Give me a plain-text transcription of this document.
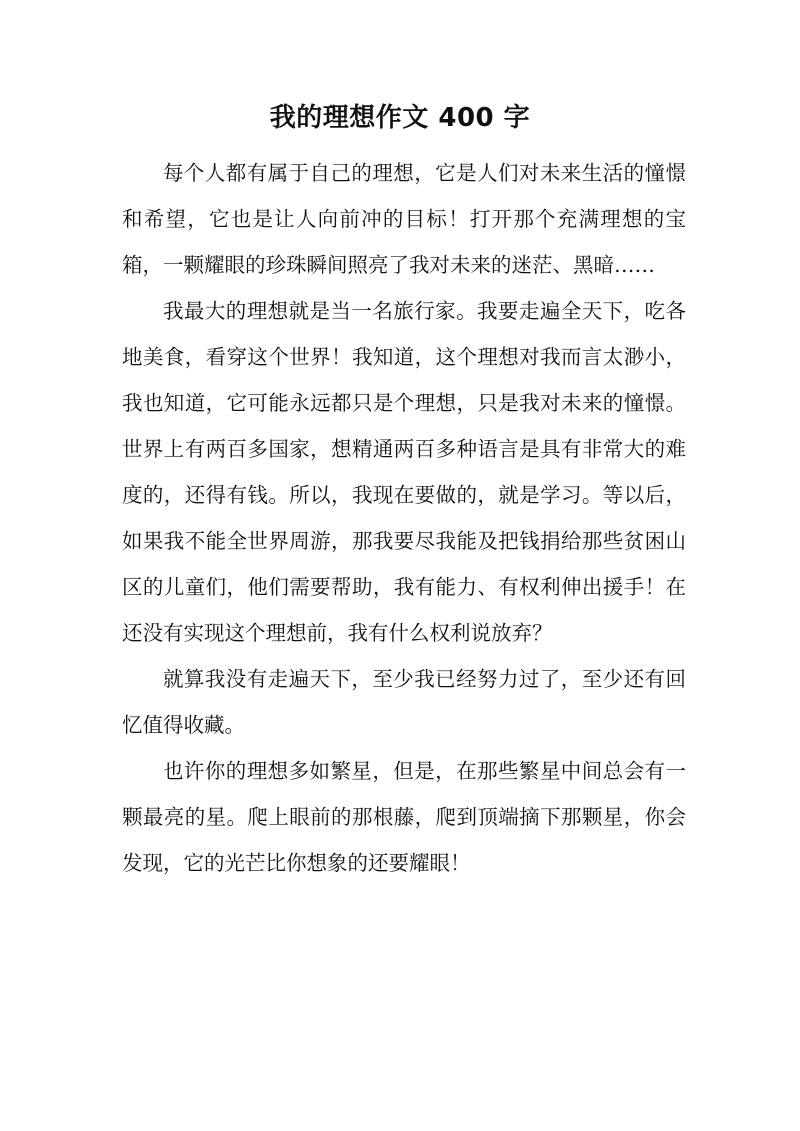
我的理想作文 400 字

每个人都有属于自己的理想，它是人们对未来生活的憧憬和希望，它也是让人向前冲的目标！打开那个充满理想的宝箱，一颗耀眼的珍珠瞬间照亮了我对未来的迷茫、黑暗……

我最大的理想就是当一名旅行家。我要走遍全天下，吃各地美食，看穿这个世界！我知道，这个理想对我而言太渺小，我也知道，它可能永远都只是个理想，只是我对未来的憧憬。世界上有两百多国家，想精通两百多种语言是具有非常大的难度的，还得有钱。所以，我现在要做的，就是学习。等以后，如果我不能全世界周游，那我要尽我能及把钱捐给那些贫困山区的儿童们，他们需要帮助，我有能力、有权利伸出援手！在还没有实现这个理想前，我有什么权利说放弃？

就算我没有走遍天下，至少我已经努力过了，至少还有回忆值得收藏。

也许你的理想多如繁星，但是，在那些繁星中间总会有一颗最亮的星。爬上眼前的那根藤，爬到顶端摘下那颗星，你会发现，它的光芒比你想象的还要耀眼！
